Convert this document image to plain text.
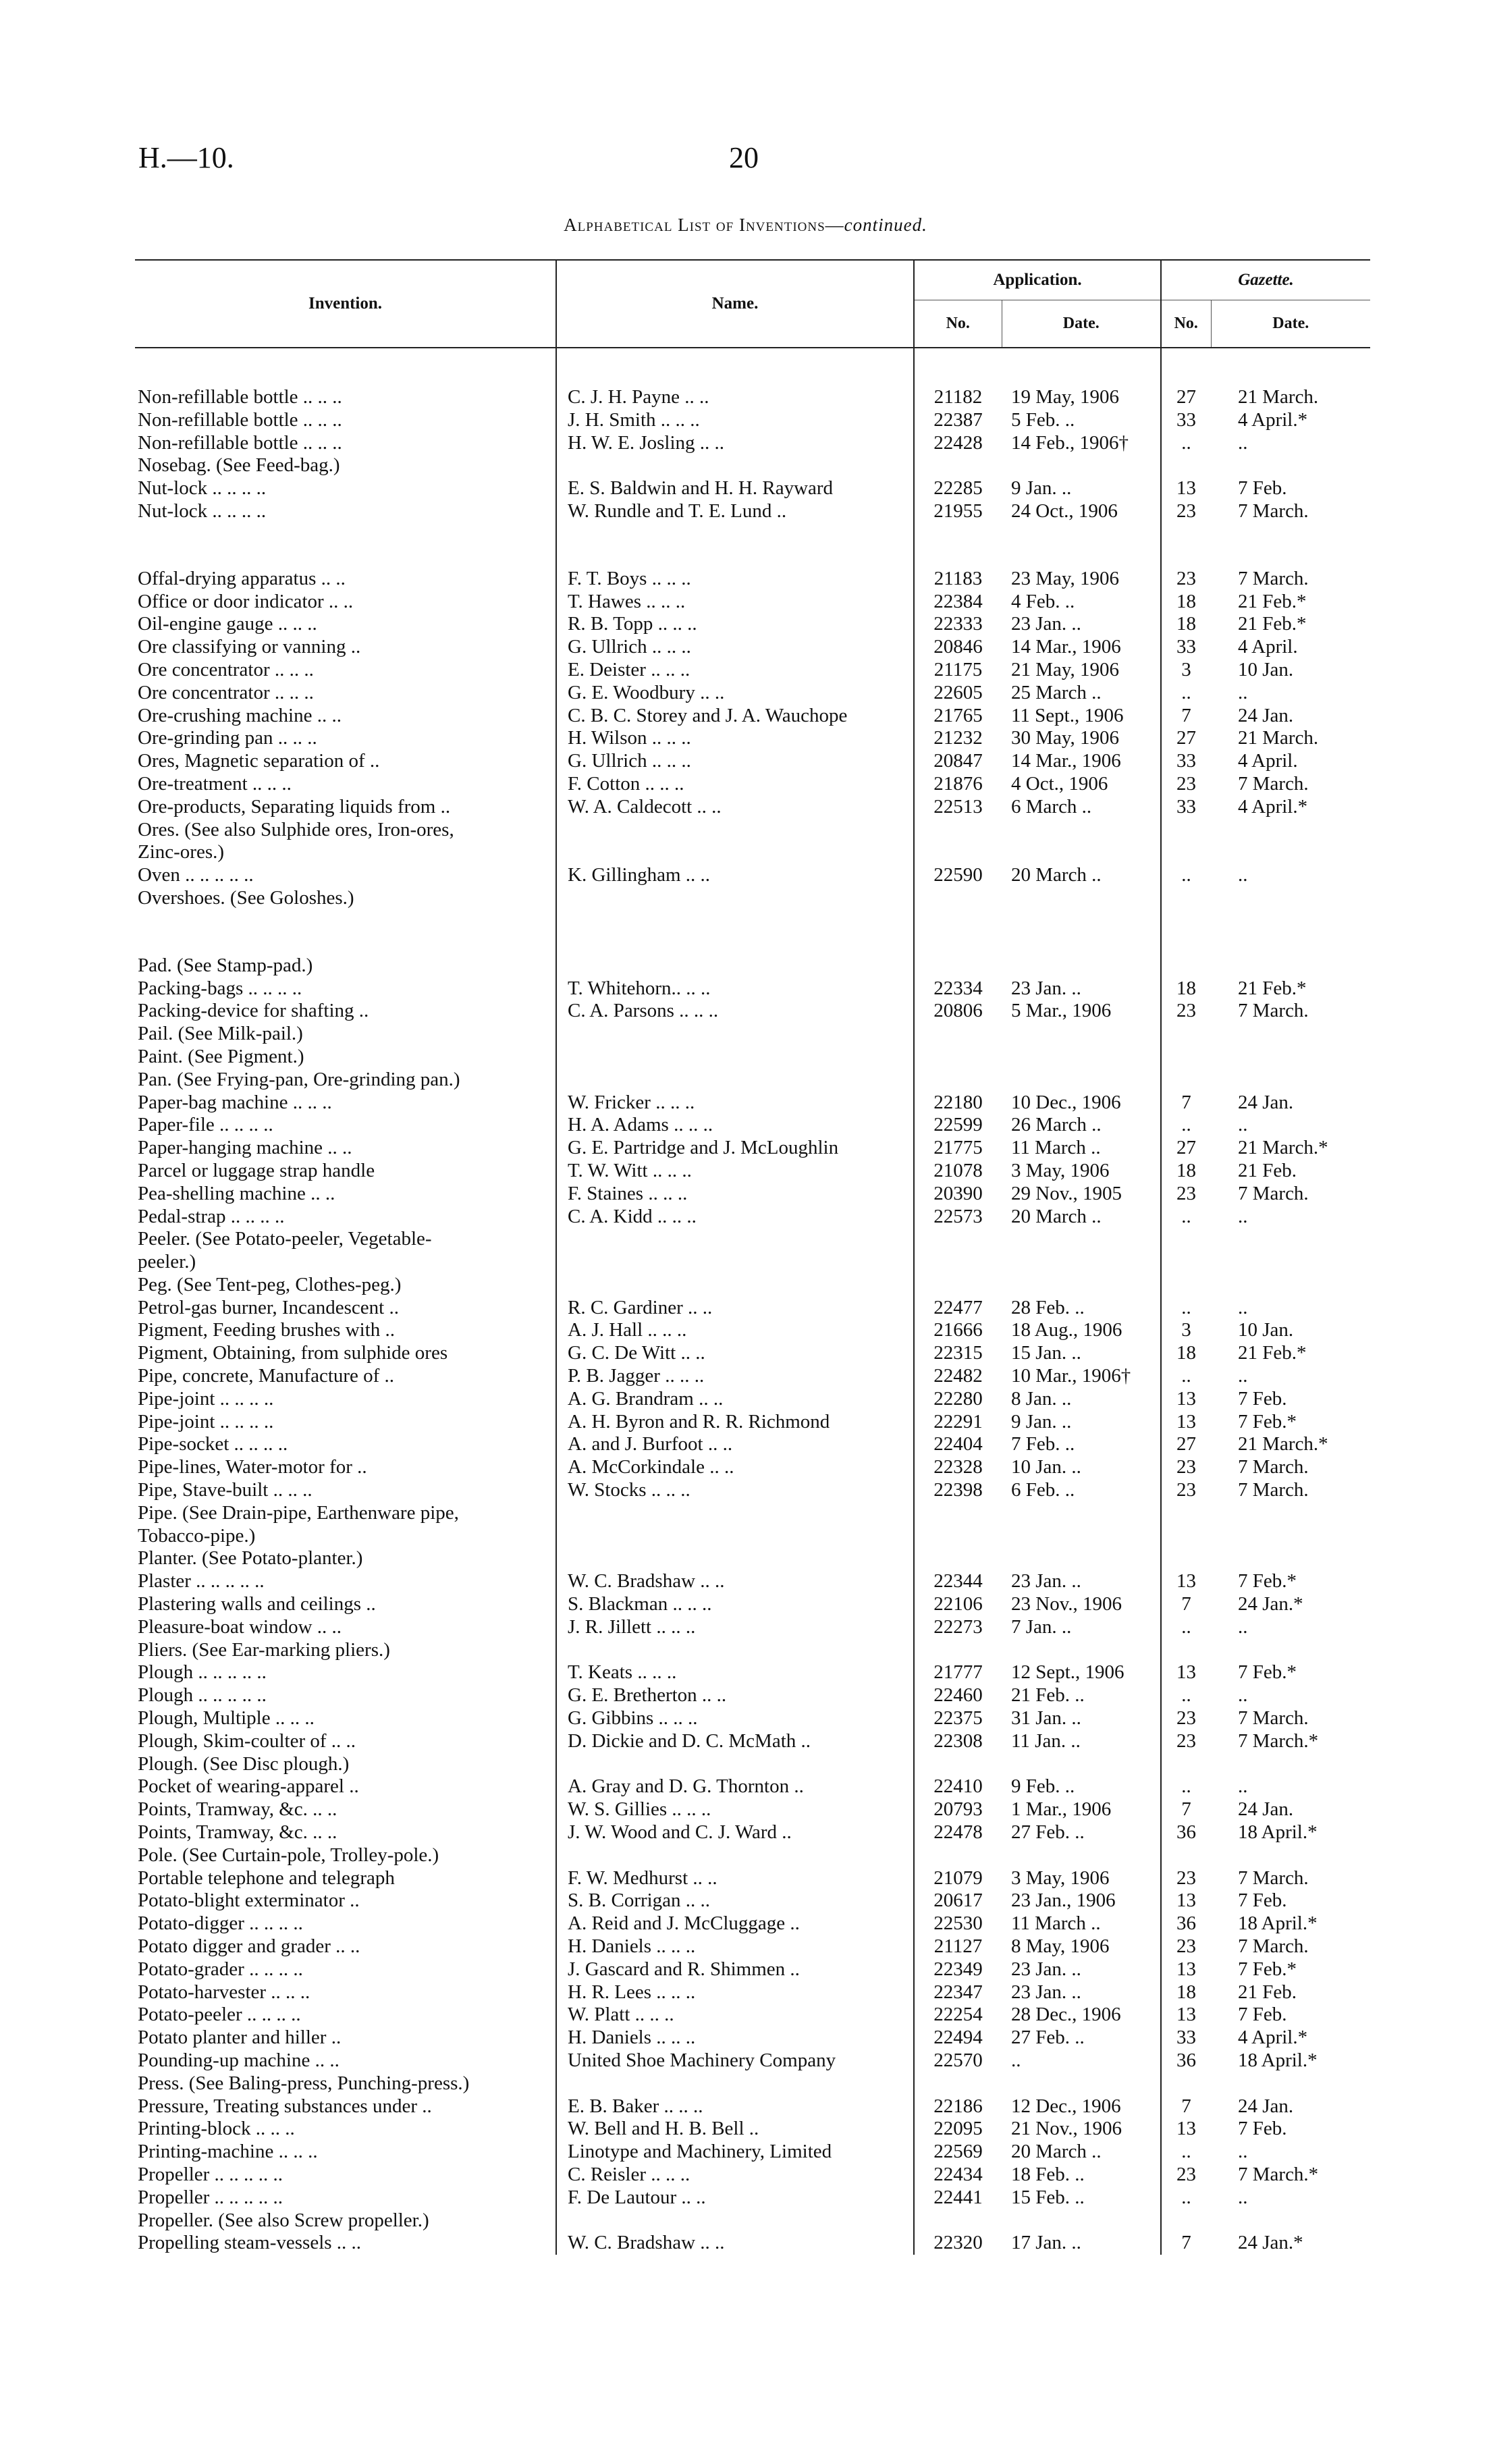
H.—10.	20
Alphabetical List of Inventions—continued.
Invention.	Name.	Application.		Gazette.	
		No.	Date.	No.	Date.
Non-refillable bottle .. .. ..	C. J. H. Payne .. ..	21182	19 May, 1906	27	21 March.
Non-refillable bottle .. .. ..	J. H. Smith .. .. ..	22387	5 Feb. ..	33	4 April.*
Non-refillable bottle .. .. ..	H. W. E. Josling .. ..	22428	14 Feb., 1906†	..	..
Nosebag. (See Feed-bag.)					
Nut-lock .. .. .. ..	E. S. Baldwin and H. H. Rayward	22285	9 Jan. ..	13	7 Feb.
Nut-lock .. .. .. ..	W. Rundle and T. E. Lund ..	21955	24 Oct., 1906	23	7 March.

Offal-drying apparatus .. ..	F. T. Boys .. .. ..	21183	23 May, 1906	23	7 March.
Office or door indicator .. ..	T. Hawes .. .. ..	22384	4 Feb. ..	18	21 Feb.*
Oil-engine gauge .. .. ..	R. B. Topp .. .. ..	22333	23 Jan. ..	18	21 Feb.*
Ore classifying or vanning ..	G. Ullrich .. .. ..	20846	14 Mar., 1906	33	4 April.
Ore concentrator .. .. ..	E. Deister .. .. ..	21175	21 May, 1906	3	10 Jan.
Ore concentrator .. .. ..	G. E. Woodbury .. ..	22605	25 March ..	..	..
Ore-crushing machine .. ..	C. B. C. Storey and J. A. Wauchope	21765	11 Sept., 1906	7	24 Jan.
Ore-grinding pan .. .. ..	H. Wilson .. .. ..	21232	30 May, 1906	27	21 March.
Ores, Magnetic separation of ..	G. Ullrich .. .. ..	20847	14 Mar., 1906	33	4 April.
Ore-treatment .. .. ..	F. Cotton .. .. ..	21876	4 Oct., 1906	23	7 March.
Ore-products, Separating liquids from ..	W. A. Caldecott .. ..	22513	6 March ..	33	4 April.*
Ores. (See also Sulphide ores, Iron-ores,					
Zinc-ores.)					
Oven .. .. .. .. ..	K. Gillingham .. ..	22590	20 March ..	..	..
Overshoes. (See Goloshes.)					

Pad. (See Stamp-pad.)					
Packing-bags .. .. .. ..	T. Whitehorn.. .. ..	22334	23 Jan. ..	18	21 Feb.*
Packing-device for shafting ..	C. A. Parsons .. .. ..	20806	5 Mar., 1906	23	7 March.
Pail. (See Milk-pail.)					
Paint. (See Pigment.)					
Pan. (See Frying-pan, Ore-grinding pan.)					
Paper-bag machine .. .. ..	W. Fricker .. .. ..	22180	10 Dec., 1906	7	24 Jan.
Paper-file .. .. .. ..	H. A. Adams .. .. ..	22599	26 March ..	..	..
Paper-hanging machine .. ..	G. E. Partridge and J. McLoughlin	21775	11 March ..	27	21 March.*
Parcel or luggage strap handle	T. W. Witt .. .. ..	21078	3 May, 1906	18	21 Feb.
Pea-shelling machine .. ..	F. Staines .. .. ..	20390	29 Nov., 1905	23	7 March.
Pedal-strap .. .. .. ..	C. A. Kidd .. .. ..	22573	20 March ..	..	..
Peeler. (See Potato-peeler, Vegetable-					
peeler.)					
Peg. (See Tent-peg, Clothes-peg.)					
Petrol-gas burner, Incandescent ..	R. C. Gardiner .. ..	22477	28 Feb. ..	..	..
Pigment, Feeding brushes with ..	A. J. Hall .. .. ..	21666	18 Aug., 1906	3	10 Jan.
Pigment, Obtaining, from sulphide ores	G. C. De Witt .. ..	22315	15 Jan. ..	18	21 Feb.*
Pipe, concrete, Manufacture of ..	P. B. Jagger .. .. ..	22482	10 Mar., 1906†	..	..
Pipe-joint .. .. .. ..	A. G. Brandram .. ..	22280	8 Jan. ..	13	7 Feb.
Pipe-joint .. .. .. ..	A. H. Byron and R. R. Richmond	22291	9 Jan. ..	13	7 Feb.*
Pipe-socket .. .. .. ..	A. and J. Burfoot .. ..	22404	7 Feb. ..	27	21 March.*
Pipe-lines, Water-motor for ..	A. McCorkindale .. ..	22328	10 Jan. ..	23	7 March.
Pipe, Stave-built .. .. ..	W. Stocks .. .. ..	22398	6 Feb. ..	23	7 March.
Pipe. (See Drain-pipe, Earthenware pipe,					
Tobacco-pipe.)					
Planter. (See Potato-planter.)					
Plaster .. .. .. .. ..	W. C. Bradshaw .. ..	22344	23 Jan. ..	13	7 Feb.*
Plastering walls and ceilings ..	S. Blackman .. .. ..	22106	23 Nov., 1906	7	24 Jan.*
Pleasure-boat window .. ..	J. R. Jillett .. .. ..	22273	7 Jan. ..	..	..
Pliers. (See Ear-marking pliers.)					
Plough .. .. .. .. ..	T. Keats .. .. ..	21777	12 Sept., 1906	13	7 Feb.*
Plough .. .. .. .. ..	G. E. Bretherton .. ..	22460	21 Feb. ..	..	..
Plough, Multiple .. .. ..	G. Gibbins .. .. ..	22375	31 Jan. ..	23	7 March.
Plough, Skim-coulter of .. ..	D. Dickie and D. C. McMath ..	22308	11 Jan. ..	23	7 March.*
Plough. (See Disc plough.)					
Pocket of wearing-apparel ..	A. Gray and D. G. Thornton ..	22410	9 Feb. ..	..	..
Points, Tramway, &c. .. ..	W. S. Gillies .. .. ..	20793	1 Mar., 1906	7	24 Jan.
Points, Tramway, &c. .. ..	J. W. Wood and C. J. Ward ..	22478	27 Feb. ..	36	18 April.*
Pole. (See Curtain-pole, Trolley-pole.)					
Portable telephone and telegraph	F. W. Medhurst .. ..	21079	3 May, 1906	23	7 March.
Potato-blight exterminator ..	S. B. Corrigan .. ..	20617	23 Jan., 1906	13	7 Feb.
Potato-digger .. .. .. ..	A. Reid and J. McCluggage ..	22530	11 March ..	36	18 April.*
Potato digger and grader .. ..	H. Daniels .. .. ..	21127	8 May, 1906	23	7 March.
Potato-grader .. .. .. ..	J. Gascard and R. Shimmen ..	22349	23 Jan. ..	13	7 Feb.*
Potato-harvester .. .. ..	H. R. Lees .. .. ..	22347	23 Jan. ..	18	21 Feb.
Potato-peeler .. .. .. ..	W. Platt .. .. ..	22254	28 Dec., 1906	13	7 Feb.
Potato planter and hiller ..	H. Daniels .. .. ..	22494	27 Feb. ..	33	4 April.*
Pounding-up machine .. ..	United Shoe Machinery Company	22570	..	36	18 April.*
Press. (See Baling-press, Punching-press.)					
Pressure, Treating substances under ..	E. B. Baker .. .. ..	22186	12 Dec., 1906	7	24 Jan.
Printing-block .. .. ..	W. Bell and H. B. Bell ..	22095	21 Nov., 1906	13	7 Feb.
Printing-machine .. .. ..	Linotype and Machinery, Limited	22569	20 March ..	..	..
Propeller .. .. .. .. ..	C. Reisler .. .. ..	22434	18 Feb. ..	23	7 March.*
Propeller .. .. .. .. ..	F. De Lautour .. ..	22441	15 Feb. ..	..	..
Propeller. (See also Screw propeller.)					
Propelling steam-vessels .. ..	W. C. Bradshaw .. ..	22320	17 Jan. ..	7	24 Jan.*
